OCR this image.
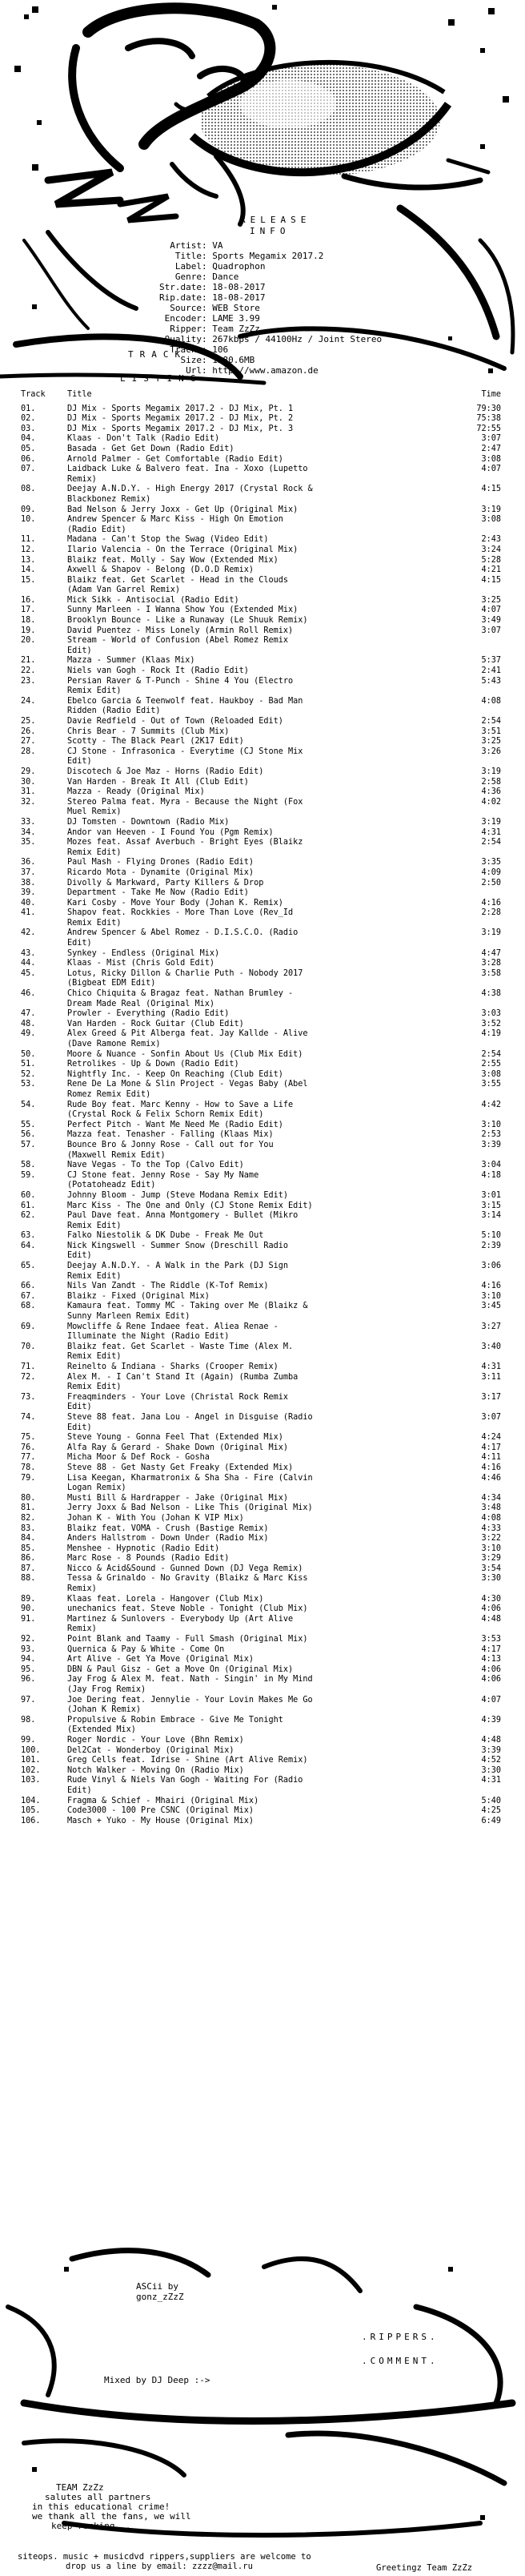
RELEASE
INFO
Artist: VA
Title: Sports Megamix 2017.2
Label: Quadrophon
Genre: Dance
Str.date: 18-08-2017
Rip.date: 18-08-2017
Source: WEB Store
Encoder: LAME 3.99
Ripper: Team ZzZz
Quality: 267kbps / 44100Hz / Joint Stereo
Tracks: 106
Size: 1280.6MB
Url: http://www.amazon.de
TRACK
LISTING
Track	Title	Time
01.	DJ Mix - Sports Megamix 2017.2 - DJ Mix, Pt. 1	79:30
02.	DJ Mix - Sports Megamix 2017.2 - DJ Mix, Pt. 2	75:38
03.	DJ Mix - Sports Megamix 2017.2 - DJ Mix, Pt. 3	72:55
04.	Klaas - Don't Talk (Radio Edit)	3:07
05.	Basada - Get Get Down (Radio Edit)	2:47
06.	Arnold Palmer - Get Comfortable (Radio Edit)	3:08
07.	Laidback Luke & Balvero feat. Ina - Xoxo (Lupetto
Remix)
4:07
08.	Deejay A.N.D.Y. - High Energy 2017 (Crystal Rock &
Blackbonez Remix)
4:15
09.	Bad Nelson & Jerry Joxx - Get Up (Original Mix)	3:19
10.	Andrew Spencer & Marc Kiss - High On Emotion
(Radio Edit)
3:08
11.	Madana - Can't Stop the Swag (Video Edit)	2:43
12.	Ilario Valencia - On the Terrace (Original Mix)	3:24
13.	Blaikz feat. Molly - Say Wow (Extended Mix)	5:28
14.	Axwell & Shapov - Belong (D.O.D Remix)	4:21
15.	Blaikz feat. Get Scarlet - Head in the Clouds
(Adam Van Garrel Remix)
4:15
16.	Mick Sikk - Antisocial (Radio Edit)	3:25
17.	Sunny Marleen - I Wanna Show You (Extended Mix)	4:07
18.	Brooklyn Bounce - Like a Runaway (Le Shuuk Remix)	3:49
19.	David Puentez - Miss Lonely (Armin Roll Remix)	3:07
20.	Stream - World of Confusion (Abel Romez Remix
Edit)
21.	Mazza - Summer (Klaas Mix)	5:37
22.	Niels van Gogh - Rock It (Radio Edit)	2:41
23.	Persian Raver & T-Punch - Shine 4 You (Electro
Remix Edit)
5:43
24.	Ebelco Garcia & Teenwolf feat. Haukboy - Bad Man
Ridden (Radio Edit)
4:08
25.	Davie Redfield - Out of Town (Reloaded Edit)	2:54
26.	Chris Bear - 7 Summits (Club Mix)	3:51
27.	Scotty - The Black Pearl (2K17 Edit)	3:25
28.	CJ Stone - Infrasonica - Everytime (CJ Stone Mix
Edit)
3:26
29.	Discotech & Joe Maz - Horns (Radio Edit)	3:19
30.	Van Harden - Break It All (Club Edit)	2:58
31.	Mazza - Ready (Original Mix)	4:36
32.	Stereo Palma feat. Myra - Because the Night (Fox
Muel Remix)
4:02
33.	DJ Tomsten - Downtown (Radio Mix)	3:19
34.	Andor van Heeven - I Found You (Pgm Remix)	4:31
35.	Mozes feat. Assaf Averbuch - Bright Eyes (Blaikz
Remix Edit)
2:54
36.	Paul Mash - Flying Drones (Radio Edit)	3:35
37.	Ricardo Mota - Dynamite (Original Mix)	4:09
38.	Divolly & Markward, Party Killers & Drop	2:50
39.	Department - Take Me Now (Radio Edit)
40.	Kari Cosby - Move Your Body (Johan K. Remix)	4:16
41.	Shapov feat. Rockkies - More Than Love (Rev_Id
Remix Edit)
2:28
42.	Andrew Spencer & Abel Romez - D.I.S.C.O. (Radio
Edit)
3:19
43.	Synkey - Endless (Original Mix)	4:47
44.	Klaas - Mist (Chris Gold Edit)	3:28
45.	Lotus, Ricky Dillon & Charlie Puth - Nobody 2017
(Bigbeat EDM Edit)
3:58
46.	Chico Chiquita & Bragaz feat. Nathan Brumley -
Dream Made Real (Original Mix)
4:38
47.	Prowler - Everything (Radio Edit)	3:03
48.	Van Harden - Rock Guitar (Club Edit)	3:52
49.	Alex Greed & Pit Alberga feat. Jay Kallde - Alive
(Dave Ramone Remix)
4:19
50.	Moore & Nuance - Sonfin About Us (Club Mix Edit)	2:54
51.	Retrolikes - Up & Down (Radio Edit)	2:55
52.	Nightfly Inc. - Keep On Reaching (Club Edit)	3:08
53.	Rene De La Mone & Slin Project - Vegas Baby (Abel
Romez Remix Edit)
3:55
54.	Rude Boy feat. Marc Kenny - How to Save a Life
(Crystal Rock & Felix Schorn Remix Edit)
4:42
55.	Perfect Pitch - Want Me Need Me (Radio Edit)	3:10
56.	Mazza feat. Tenasher - Falling (Klaas Mix)	2:53
57.	Bounce Bro & Jonny Rose - Call out for You
(Maxwell Remix Edit)
3:39
58.	Nave Vegas - To the Top (Calvo Edit)	3:04
59.	CJ Stone feat. Jenny Rose - Say My Name
(Potatoheadz Edit)
4:18
60.	Johnny Bloom - Jump (Steve Modana Remix Edit)	3:01
61.	Marc Kiss - The One and Only (CJ Stone Remix Edit)	3:15
62.	Paul Dave feat. Anna Montgomery - Bullet (Mikro
Remix Edit)
3:14
63.	Falko Niestolik & DK Dube - Freak Me Out	5:10
64.	Nick Kingswell - Summer Snow (Dreschill Radio
Edit)
2:39
65.	Deejay A.N.D.Y. - A Walk in the Park (DJ Sign
Remix Edit)
3:06
66.	Nils Van Zandt - The Riddle (K-Tof Remix)	4:16
67.	Blaikz - Fixed (Original Mix)	3:10
68.	Kamaura feat. Tommy MC - Taking over Me (Blaikz &
Sunny Marleen Remix Edit)
3:45
69.	Mowcliffe & Rene Indaee feat. Aliea Renae -
Illuminate the Night (Radio Edit)
3:27
70.	Blaikz feat. Get Scarlet - Waste Time (Alex M.
Remix Edit)
3:40
71.	Reinelto & Indiana - Sharks (Crooper Remix)	4:31
72.	Alex M. - I Can't Stand It (Again) (Rumba Zumba
Remix Edit)
3:11
73.	Freaqminders - Your Love (Christal Rock Remix
Edit)
3:17
74.	Steve 88 feat. Jana Lou - Angel in Disguise (Radio
Edit)
3:07
75.	Steve Young - Gonna Feel That (Extended Mix)	4:24
76.	Alfa Ray & Gerard - Shake Down (Original Mix)	4:17
77.	Micha Moor & Def Rock - Gosha	4:11
78.	Steve 88 - Get Nasty Get Freaky (Extended Mix)	4:16
79.	Lisa Keegan, Kharmatronix & Sha Sha - Fire (Calvin
Logan Remix)
4:46
80.	Musti Bill & Hardrapper - Jake (Original Mix)	4:34
81.	Jerry Joxx & Bad Nelson - Like This (Original Mix)	3:48
82.	Johan K - With You (Johan K VIP Mix)	4:08
83.	Blaikz feat. VOMA - Crush (Bastige Remix)	4:33
84.	Anders Hallstrom - Down Under (Radio Mix)	3:22
85.	Menshee - Hypnotic (Radio Edit)	3:10
86.	Marc Rose - 8 Pounds (Radio Edit)	3:29
87.	Nicco & Acid&Sound - Gunned Down (DJ Vega Remix)	3:54
88.	Tessa & Grinaldo - No Gravity (Blaikz & Marc Kiss
Remix)
3:30
89.	Klaas feat. Lorela - Hangover (Club Mix)	4:30
90.	unechanics feat. Steve Noble - Tonight (Club Mix)	4:06
91.	Martinez & Sunlovers - Everybody Up (Art Alive
Remix)
4:48
92.	Point Blank and Taamy - Full Smash (Original Mix)	3:53
93.	Quernica & Pay & White - Come On	4:17
94.	Art Alive - Get Ya Move (Original Mix)	4:13
95.	DBN & Paul Gisz - Get a Move On (Original Mix)	4:06
96.	Jay Frog & Alex M. feat. Nath - Singin' in My Mind
(Jay Frog Remix)
4:06
97.	Joe Dering feat. Jennylie - Your Lovin Makes Me Go
(Johan K Remix)
4:07
98.	Propulsive & Robin Embrace - Give Me Tonight
(Extended Mix)
4:39
99.	Roger Nordic - Your Love (Bhn Remix)	4:48
100.	Del2Cat - Wonderboy (Original Mix)	3:39
101.	Greg Cells feat. Idrise - Shine (Art Alive Remix)	4:52
102.	Notch Walker - Moving On (Radio Mix)	3:30
103.	Rude Vinyl & Niels Van Gogh - Waiting For (Radio
Edit)
4:31
104.	Fragma & Schief - Mhairi (Original Mix)	5:40
105.	Code3000 - 100 Pre CSNC (Original Mix)	4:25
106.	Masch + Yuko - My House (Original Mix)	6:49
ASCii by
gonz_zZzZ
.RIPPERS.
.COMMENT.
Mixed by DJ Deep :->
TEAM ZzZz
salutes all partners
in this educational crime!
we thank all the fans, we will
keep rocking...
siteops. music + musicdvd rippers,suppliers are welcome to
drop us a line by email: zzzz@mail.ru	Greetingz Team ZzZz
